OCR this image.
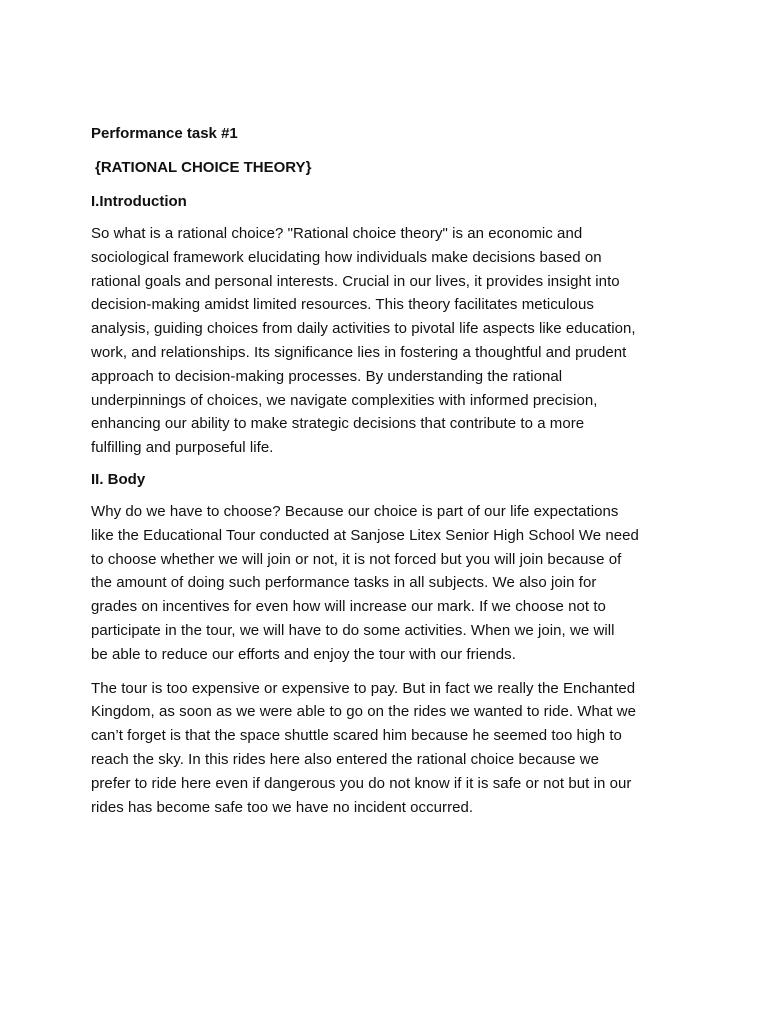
Performance task #1
{RATIONAL CHOICE THEORY}
I.Introduction

So what is a rational choice? "Rational choice theory" is an economic and
sociological framework elucidating how individuals make decisions based on
rational goals and personal interests. Crucial in our lives, it provides insight into
decision-making amidst limited resources. This theory facilitates meticulous
analysis, guiding choices from daily activities to pivotal life aspects like education,
work, and relationships. Its significance lies in fostering a thoughtful and prudent
approach to decision-making processes. By understanding the rational
underpinnings of choices, we navigate complexities with informed precision,
enhancing our ability to make strategic decisions that contribute to a more
fulfilling and purposeful life.

II. Body

Why do we have to choose? Because our choice is part of our life expectations
like the Educational Tour conducted at Sanjose Litex Senior High School We need
to choose whether we will join or not, it is not forced but you will join because of
the amount of doing such performance tasks in all subjects. We also join for
grades on incentives for even how will increase our mark. If we choose not to
participate in the tour, we will have to do some activities. When we join, we will
be able to reduce our efforts and enjoy the tour with our friends.

The tour is too expensive or expensive to pay. But in fact we really the Enchanted
Kingdom, as soon as we were able to go on the rides we wanted to ride. What we
can’t forget is that the space shuttle scared him because he seemed too high to
reach the sky. In this rides here also entered the rational choice because we
prefer to ride here even if dangerous you do not know if it is safe or not but in our
rides has become safe too we have no incident occurred.
